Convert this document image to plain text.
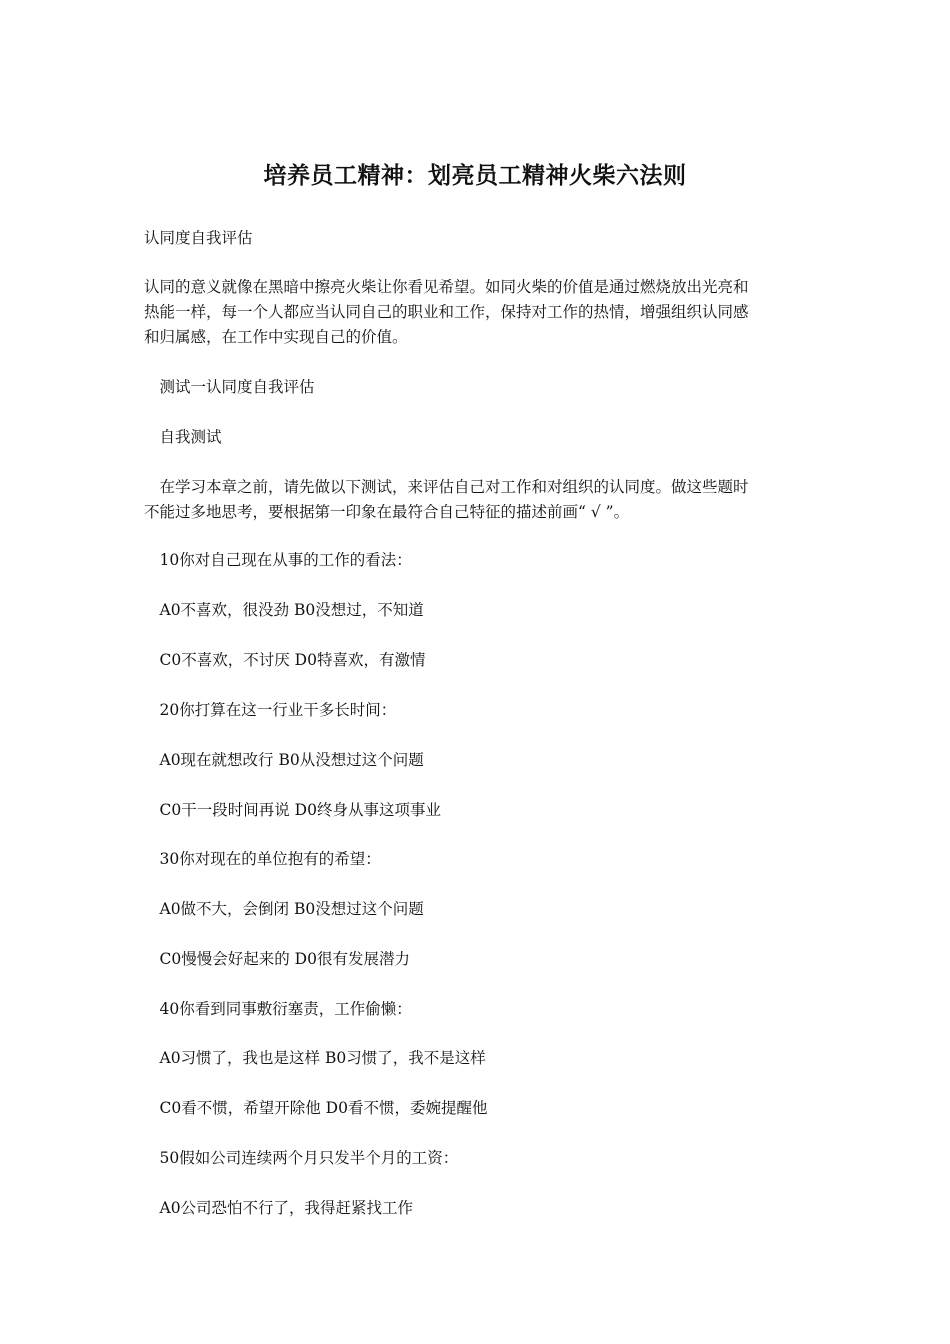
培养员工精神：划亮员工精神火柴六法则
认同度自我评估
认同的意义就像在黑暗中擦亮火柴让你看见希望。如同火柴的价值是通过燃烧放出光亮和
热能一样，每一个人都应当认同自己的职业和工作，保持对工作的热情，增强组织认同感
和归属感，在工作中实现自己的价值。
　测试一认同度自我评估
　自我测试
　在学习本章之前，请先做以下测试，来评估自己对工作和对组织的认同度。做这些题时
不能过多地思考，要根据第一印象在最符合自己特征的描述前画“ √ ”。
　10你对自己现在从事的工作的看法：
　A0不喜欢，很没劲 B0没想过，不知道
　C0不喜欢，不讨厌 D0特喜欢，有激情
　20你打算在这一行业干多长时间：
　A0现在就想改行 B0从没想过这个问题
　C0干一段时间再说 D0终身从事这项事业
　30你对现在的单位抱有的希望：
　A0做不大，会倒闭 B0没想过这个问题
　C0慢慢会好起来的 D0很有发展潜力
　40你看到同事敷衍塞责，工作偷懒：
　A0习惯了，我也是这样 B0习惯了，我不是这样
　C0看不惯，希望开除他 D0看不惯，委婉提醒他
　50假如公司连续两个月只发半个月的工资：
　A0公司恐怕不行了，我得赶紧找工作
